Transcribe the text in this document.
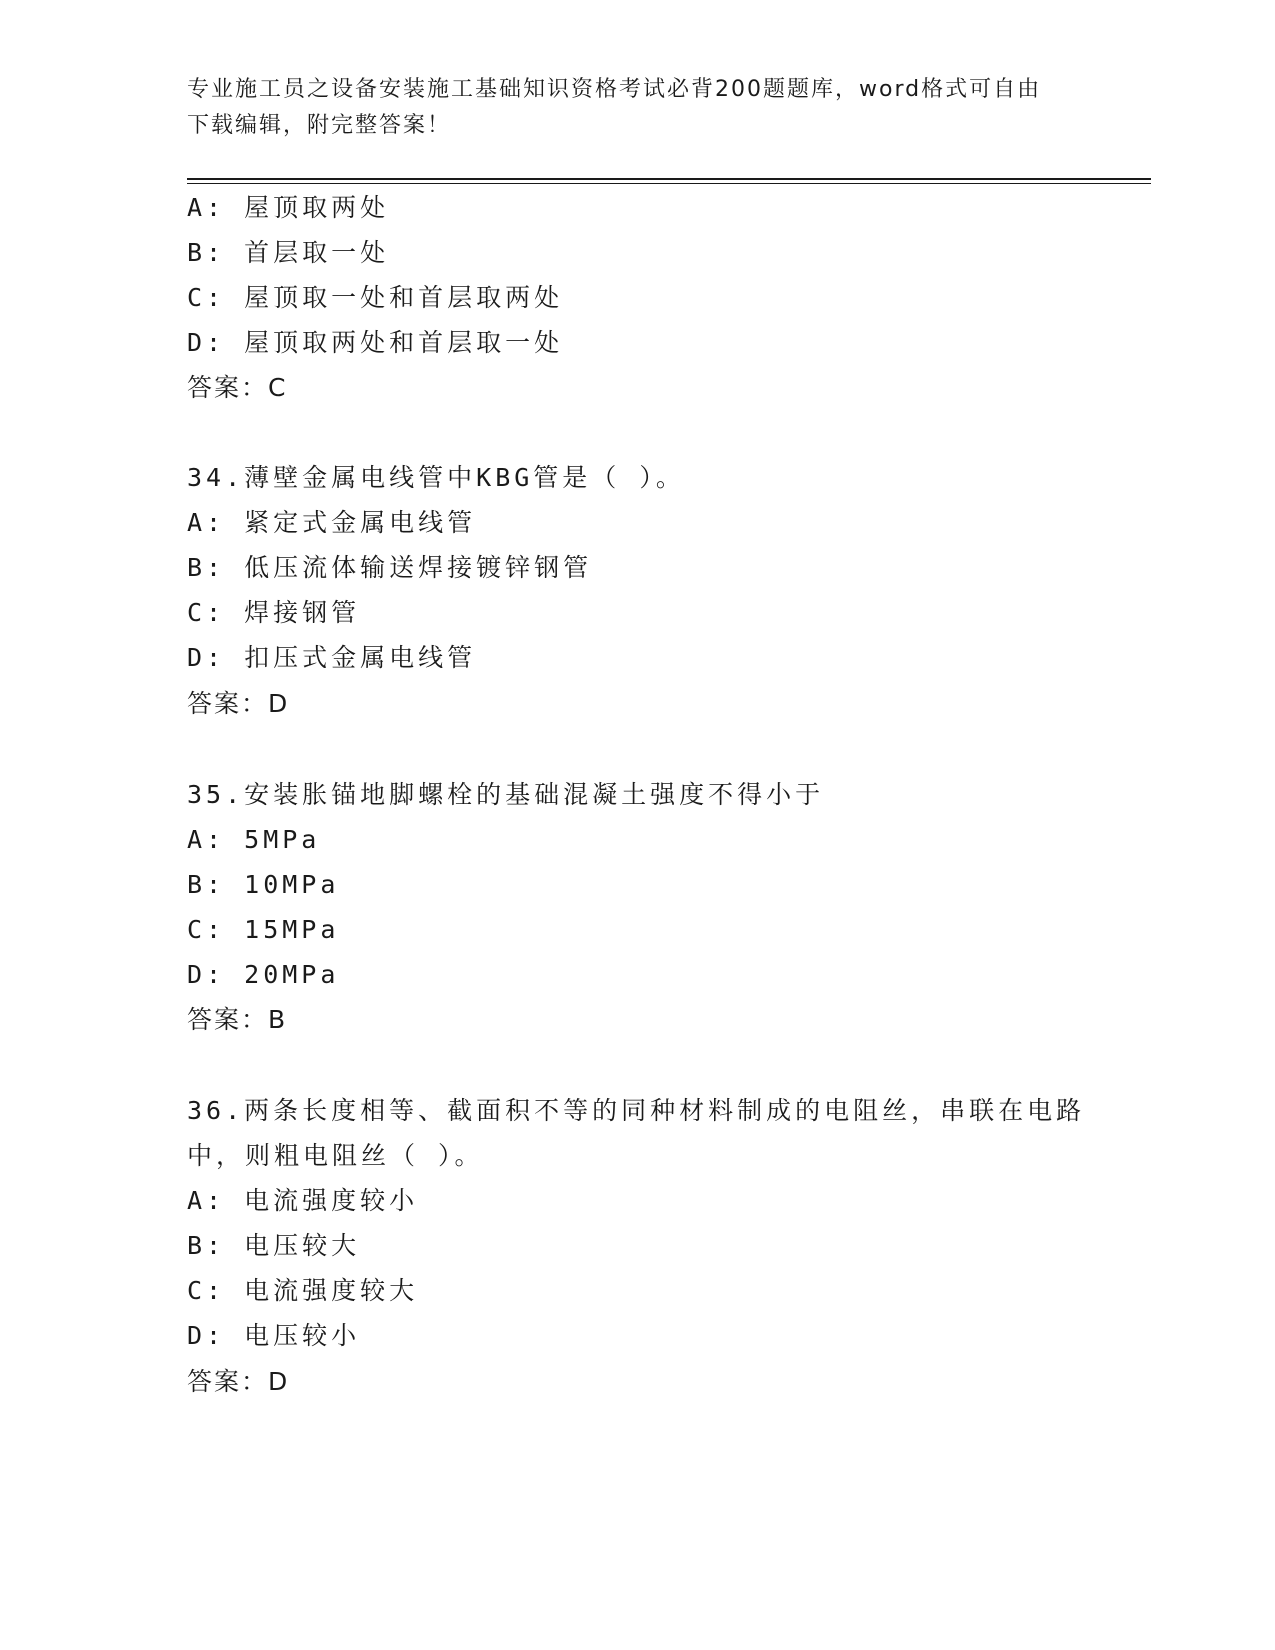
专业施工员之设备安装施工基础知识资格考试必背200题题库，word格式可自由
下载编辑，附完整答案！
A: 屋顶取两处
B: 首层取一处
C: 屋顶取一处和首层取两处
D: 屋顶取两处和首层取一处
答案：C
34.薄壁金属电线管中KBG管是（ ）。
A: 紧定式金属电线管
B: 低压流体输送焊接镀锌钢管
C: 焊接钢管
D: 扣压式金属电线管
答案：D
35.安装胀锚地脚螺栓的基础混凝土强度不得小于
A: 5MPa
B: 10MPa
C: 15MPa
D: 20MPa
答案：B
36.两条长度相等、截面积不等的同种材料制成的电阻丝，串联在电路
中，则粗电阻丝（ ）。
A: 电流强度较小
B: 电压较大
C: 电流强度较大
D: 电压较小
答案：D
